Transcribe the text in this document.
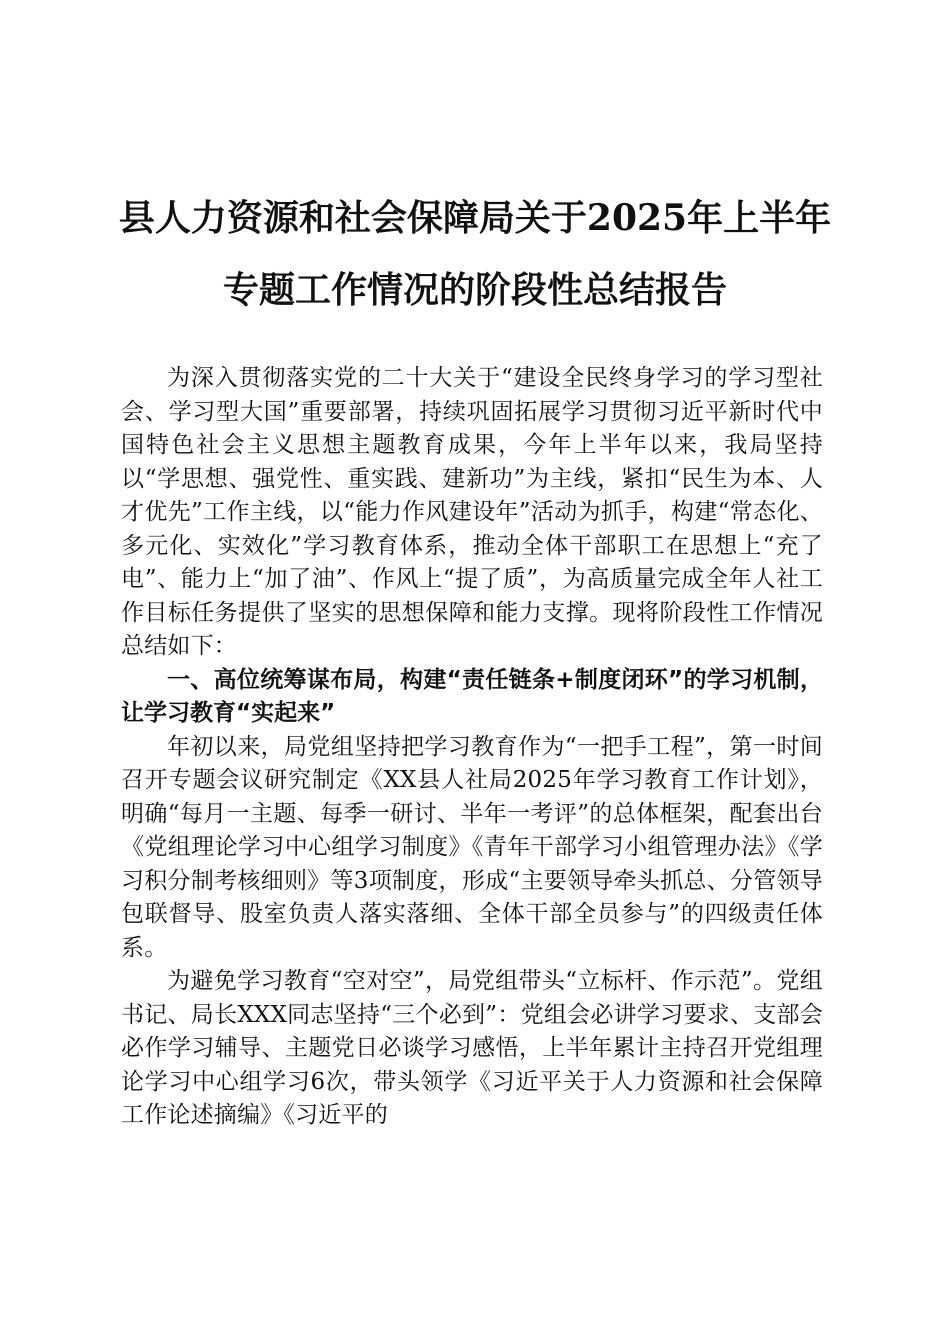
县人力资源和社会保障局关于2025年上半年
专题工作情况的阶段性总结报告

为深入贯彻落实党的二十大关于“建设全民终身学习的学习型社会、学习型大国”重要部署，持续巩固拓展学习贯彻习近平新时代中国特色社会主义思想主题教育成果，今年上半年以来，我局坚持以“学思想、强党性、重实践、建新功”为主线，紧扣“民生为本、人才优先”工作主线，以“能力作风建设年”活动为抓手，构建“常态化、多元化、实效化”学习教育体系，推动全体干部职工在思想上“充了电”、能力上“加了油”、作风上“提了质”，为高质量完成全年人社工作目标任务提供了坚实的思想保障和能力支撑。现将阶段性工作情况总结如下：

一、高位统筹谋布局，构建“责任链条+制度闭环”的学习机制，让学习教育“实起来”

年初以来，局党组坚持把学习教育作为“一把手工程”，第一时间召开专题会议研究制定《XX县人社局2025年学习教育工作计划》，明确“每月一主题、每季一研讨、半年一考评”的总体框架，配套出台《党组理论学习中心组学习制度》《青年干部学习小组管理办法》《学习积分制考核细则》等3项制度，形成“主要领导牵头抓总、分管领导包联督导、股室负责人落实落细、全体干部全员参与”的四级责任体系。

为避免学习教育“空对空”，局党组带头“立标杆、作示范”。党组书记、局长XXX同志坚持“三个必到”：党组会必讲学习要求、支部会必作学习辅导、主题党日必谈学习感悟，上半年累计主持召开党组理论学习中心组学习6次，带头领学《习近平关于人力资源和社会保障工作论述摘编》《习近平的
